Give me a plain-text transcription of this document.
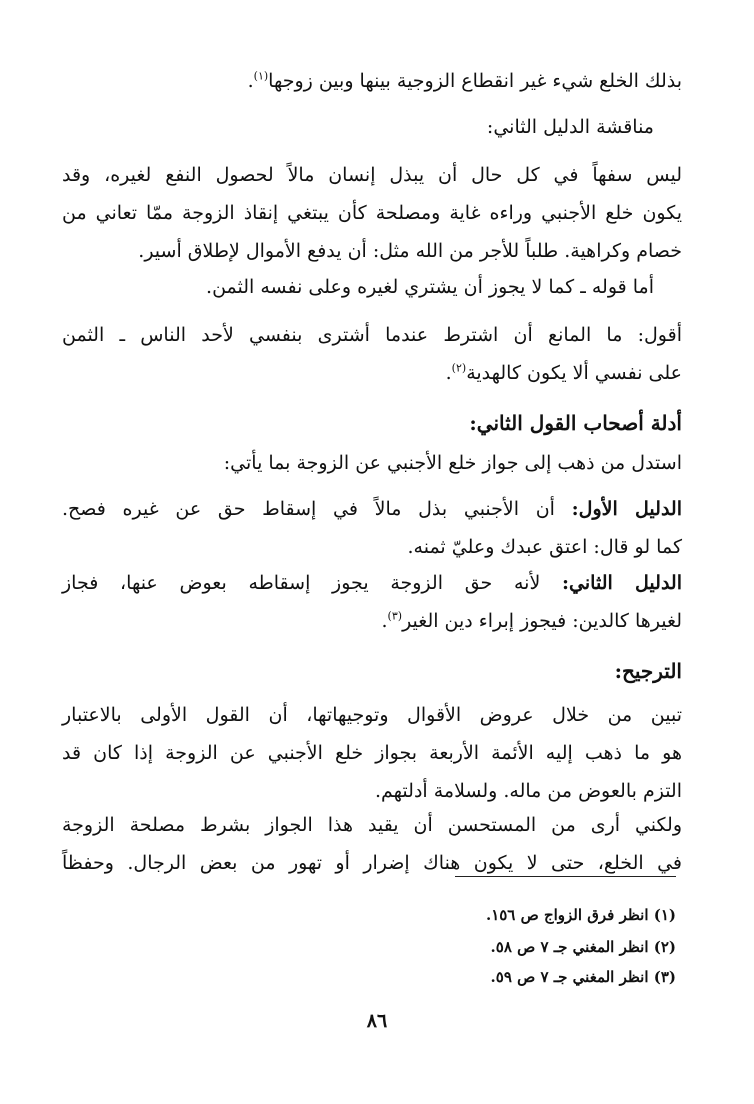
بذلك الخلع شيء غير انقطاع الزوجية بينها وبين زوجها$^{(١)}$.
مناقشة الدليل الثاني:
ليس سفهاً في كل حال أن يبذل إنسان مالاً لحصول النفع لغيره، وقد
يكون خلع الأجنبي وراءه غاية ومصلحة كأن يبتغي إنقاذ الزوجة ممّا تعاني من
خصام وكراهية. طلباً للأجر من الله مثل: أن يدفع الأموال لإطلاق أسير.
أما قوله ـ كما لا يجوز أن يشتري لغيره وعلى نفسه الثمن.
أقول: ما المانع أن اشترط عندما أشترى بنفسي لأحد الناس ـ الثمن
على نفسي ألا يكون كالهدية$^{(٢)}$.
أدلة أصحاب القول الثاني:
استدل من ذهب إلى جواز خلع الأجنبي عن الزوجة بما يأتي:
الدليل الأول: أن الأجنبي بذل مالاً في إسقاط حق عن غيره فصح.
كما لو قال: اعتق عبدك وعليّ ثمنه.
الدليل الثاني: لأنه حق الزوجة يجوز إسقاطه بعوض عنها، فجاز
لغيرها كالدين: فيجوز إبراء دين الغير$^{(٣)}$.
الترجيح:
تبين من خلال عروض الأقوال وتوجيهاتها، أن القول الأولى بالاعتبار
هو ما ذهب إليه الأئمة الأربعة بجواز خلع الأجنبي عن الزوجة إذا كان قد
التزم بالعوض من ماله. ولسلامة أدلتهم.
ولكني أرى من المستحسن أن يقيد هذا الجواز بشرط مصلحة الزوجة
في الخلع، حتى لا يكون هناك إضرار أو تهور من بعض الرجال. وحفظاً
(١) انظر فرق الزواج ص ١٥٦.
(٢) انظر المغني جـ ٧ ص ٥٨.
(٣) انظر المغني جـ ٧ ص ٥٩.
٨٦
